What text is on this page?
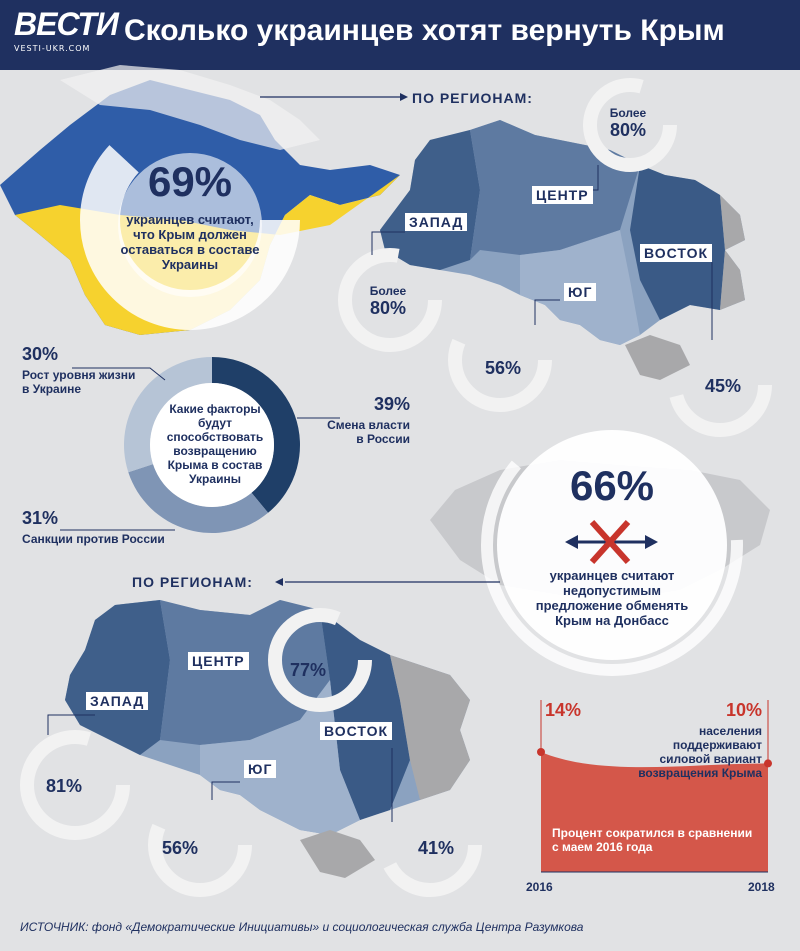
ВЕСТИ
VESTI-UKR.COM
Сколько украинцев хотят вернуть Крым
69%
украинцев считают,
что Крым должен
оставаться в составе
Украины
ПО РЕГИОНАМ:
Более
80%
ЦЕНТР
ЗАПАД
Более
80%
ВОСТОК
45%
ЮГ
56%
30%
Рост уровня жизни
в Украине
39%
Смена власти
в России
31%
Санкции против России
Какие факторы
будут
способствовать
возвращению
Крыма в состав
Украины	66%
украинцев считают
недопустимым
предложение обменять
Крым на Донбасс
ПО РЕГИОНАМ:
ЦЕНТР	77%
ЗАПАД
81%
ВОСТОК
41%
ЮГ
56%
14%	10%
населения
поддерживают
силовой вариант
возвращения Крыма
Процент сократился в сравнении
с маем 2016 года
2016	2018
ИСТОЧНИК: фонд «Демократические Инициативы» и социологическая служба Центра Разумкова
